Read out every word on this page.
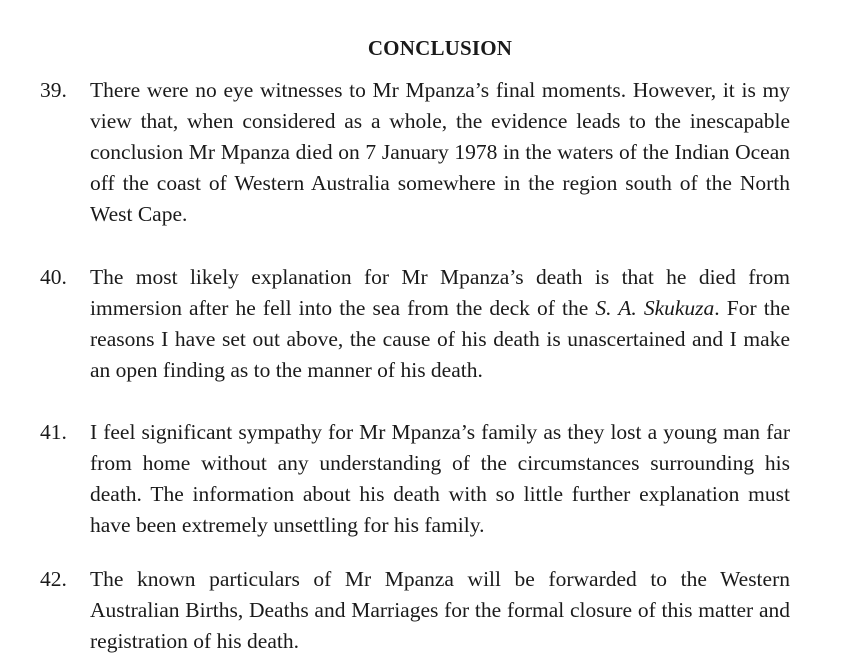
CONCLUSION
39.	There were no eye witnesses to Mr Mpanza’s final moments. However, it is my view that, when considered as a whole, the evidence leads to the inescapable conclusion Mr Mpanza died on 7 January 1978 in the waters of the Indian Ocean off the coast of Western Australia somewhere in the region south of the North West Cape.
40.	The most likely explanation for Mr Mpanza’s death is that he died from immersion after he fell into the sea from the deck of the S. A. Skukuza. For the reasons I have set out above, the cause of his death is unascertained and I make an open finding as to the manner of his death.
41.	I feel significant sympathy for Mr Mpanza’s family as they lost a young man far from home without any understanding of the circumstances surrounding his death. The information about his death with so little further explanation must have been extremely unsettling for his family.
42.	The known particulars of Mr Mpanza will be forwarded to the Western Australian Births, Deaths and Marriages for the formal closure of this matter and registration of his death.
